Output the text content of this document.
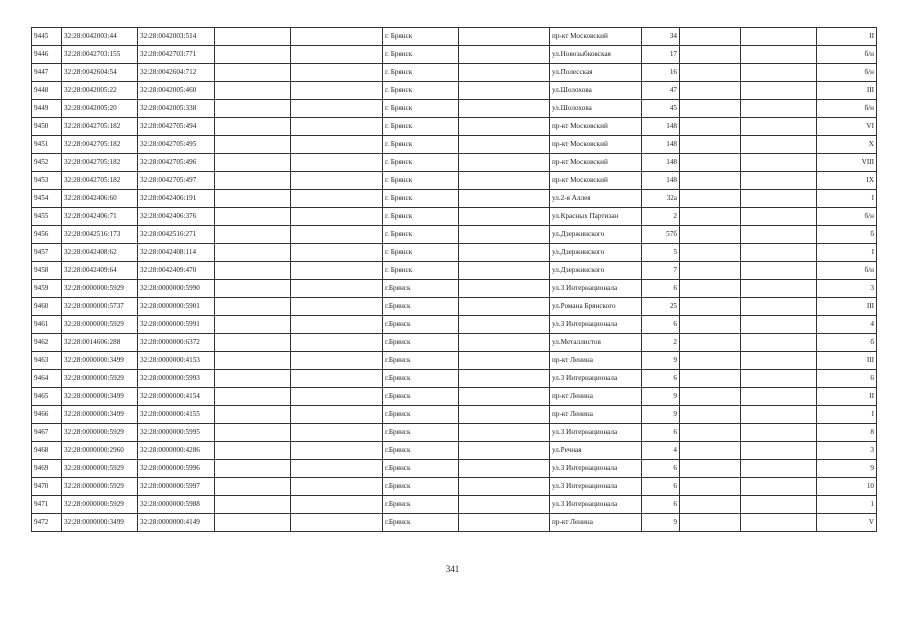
9445	32:28:0042003:44	32:28:0042003:514			г. Брянск		пр-кт Московский	34			II
9446	32:28:0042703:155	32:28:0042703:771			г. Брянск		ул.Новозыбковская	17			б/н
9447	32:28:0042604:54	32:28:0042604:712			г. Брянск		ул.Полесская	16			б/н
9448	32:28:0042005:22	32:28:0042005:460			г. Брянск		ул.Шолохова	47			III
9449	32:28:0042005:20	32:28:0042005:338			г. Брянск		ул.Шолохова	45			б/н
9450	32:28:0042705:182	32:28:0042705:494			г. Брянск		пр-кт Московский	148			VI
9451	32:28:0042705:182	32:28:0042705:495			г. Брянск		пр-кт Московский	148			X
9452	32:28:0042705:182	32:28:0042705:496			г. Брянск		пр-кт Московский	148			VIII
9453	32:28:0042705:182	32:28:0042705:497			г. Брянск		пр-кт Московский	148			IX
9454	32:28:0042406:60	32:28:0042406:191			г. Брянск		ул.2-я Аллея	32а			I
9455	32:28:0042406:71	32:28:0042406:376			г. Брянск		ул.Красных Партизан	2			б/н
9456	32:28:0042516:173	32:28:0042516:271			г. Брянск		ул.Дзержинского	57б			б
9457	32:28:0042408:62	32:28:0042408:114			г. Брянск		ул.Дзержинского	5			I
9458	32:28:0042409:64	32:28:0042409:470			г. Брянск		ул.Дзержинского	7			б/н
9459	32:28:0000000:5929	32:28:0000000:5990			г.Брянск		ул.3 Интернационала	6			3
9460	32:28:0000000:5737	32:28:0000000:5901			г.Брянск		ул.Романа Брянского	25			III
9461	32:28:0000000:5929	32:28:0000000:5991			г.Брянск		ул.3 Интернационала	6			4
9462	32:28:0014606:288	32:28:0000000:6372			г.Брянск		ул.Металлистов	2			б
9463	32:28:0000000:3499	32:28:0000000:4153			г.Брянск		пр-кт Ленина	9			III
9464	32:28:0000000:5929	32:28:0000000:5993			г.Брянск		ул.3 Интернационала	6			6
9465	32:28:0000000:3499	32:28:0000000:4154			г.Брянск		пр-кт Ленина	9			II
9466	32:28:0000000:3499	32:28:0000000:4155			г.Брянск		пр-кт Ленина	9			I
9467	32:28:0000000:5929	32:28:0000000:5995			г.Брянск		ул.3 Интернационала	6			8
9468	32:28:0000000:2960	32:28:0000000:4286			г.Брянск		ул.Речная	4			3
9469	32:28:0000000:5929	32:28:0000000:5996			г.Брянск		ул.3 Интернационала	6			9
9470	32:28:0000000:5929	32:28:0000000:5997			г.Брянск		ул.3 Интернационала	6			10
9471	32:28:0000000:5929	32:28:0000000:5988			г.Брянск		ул.3 Интернационала	6			1
9472	32:28:0000000:3499	32:28:0000000:4149			г.Брянск		пр-кт Ленина	9			V
341
